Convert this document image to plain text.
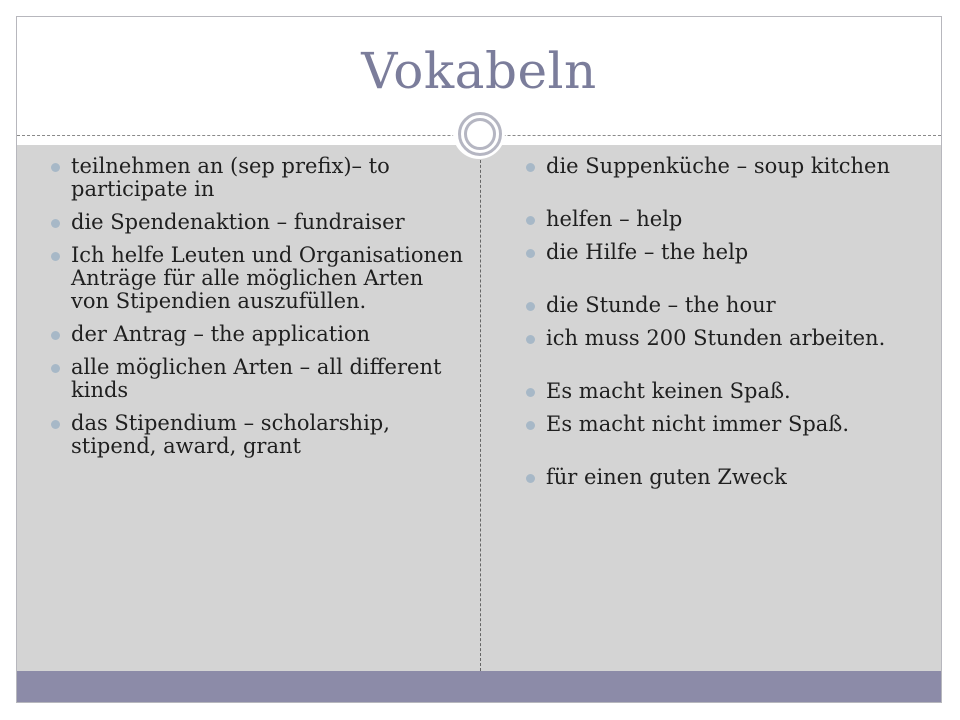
Vokabeln
teilnehmen an (sep prefix)– to participate in
die Spendenaktion – fundraiser
Ich helfe Leuten und Organisationen Anträge für alle möglichen Arten von Stipendien auszufüllen.
der Antrag – the application
alle möglichen Arten – all different kinds
das Stipendium – scholarship, stipend, award, grant
die Suppenküche – soup kitchen
helfen – help
die Hilfe – the help
die Stunde – the hour
ich muss 200 Stunden arbeiten.
Es macht keinen Spaß.
Es macht nicht immer Spaß.
für einen guten Zweck
